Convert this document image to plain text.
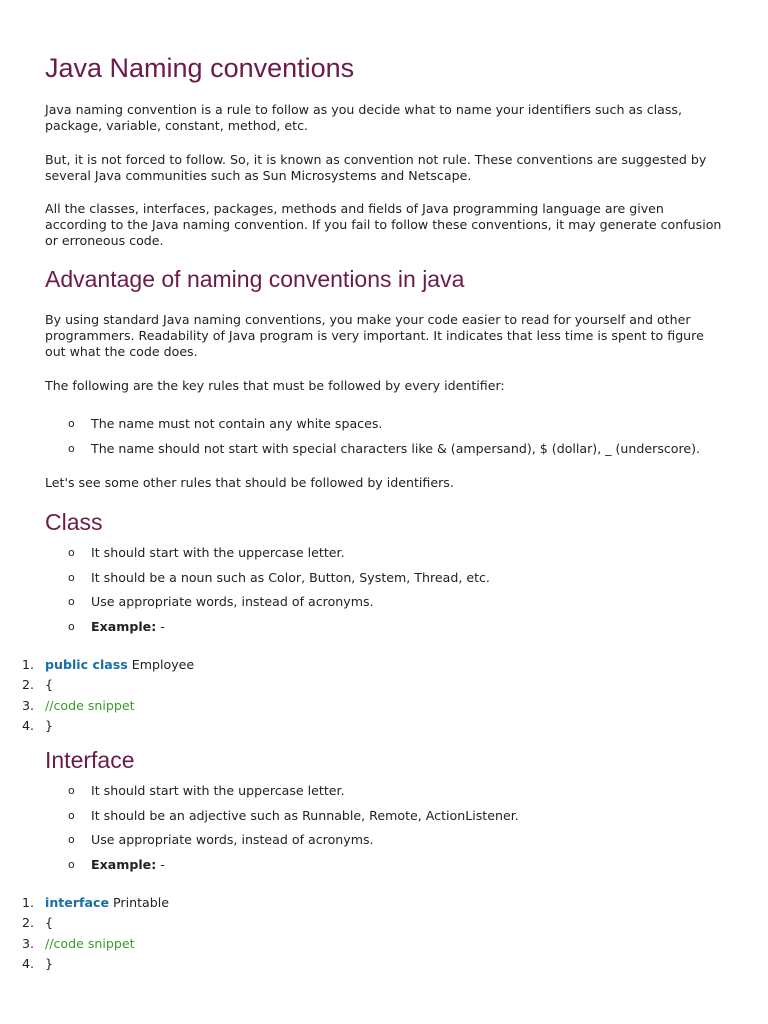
Java Naming conventions

Java naming convention is a rule to follow as you decide what to name your identifiers such as class, package, variable, constant, method, etc.

But, it is not forced to follow. So, it is known as convention not rule. These conventions are suggested by several Java communities such as Sun Microsystems and Netscape.

All the classes, interfaces, packages, methods and fields of Java programming language are given according to the Java naming convention. If you fail to follow these conventions, it may generate confusion or erroneous code.

Advantage of naming conventions in java

By using standard Java naming conventions, you make your code easier to read for yourself and other programmers. Readability of Java program is very important. It indicates that less time is spent to figure out what the code does.

The following are the key rules that must be followed by every identifier:

o The name must not contain any white spaces.
o The name should not start with special characters like & (ampersand), $ (dollar), _ (underscore).

Let's see some other rules that should be followed by identifiers.

Class
o It should start with the uppercase letter.
o It should be a noun such as Color, Button, System, Thread, etc.
o Use appropriate words, instead of acronyms.
o Example: -
1. public class Employee
2. {
3. //code snippet
4. }
Interface
o It should start with the uppercase letter.
o It should be an adjective such as Runnable, Remote, ActionListener.
o Use appropriate words, instead of acronyms.
o Example: -
1. interface Printable
2. {
3. //code snippet
4. }
